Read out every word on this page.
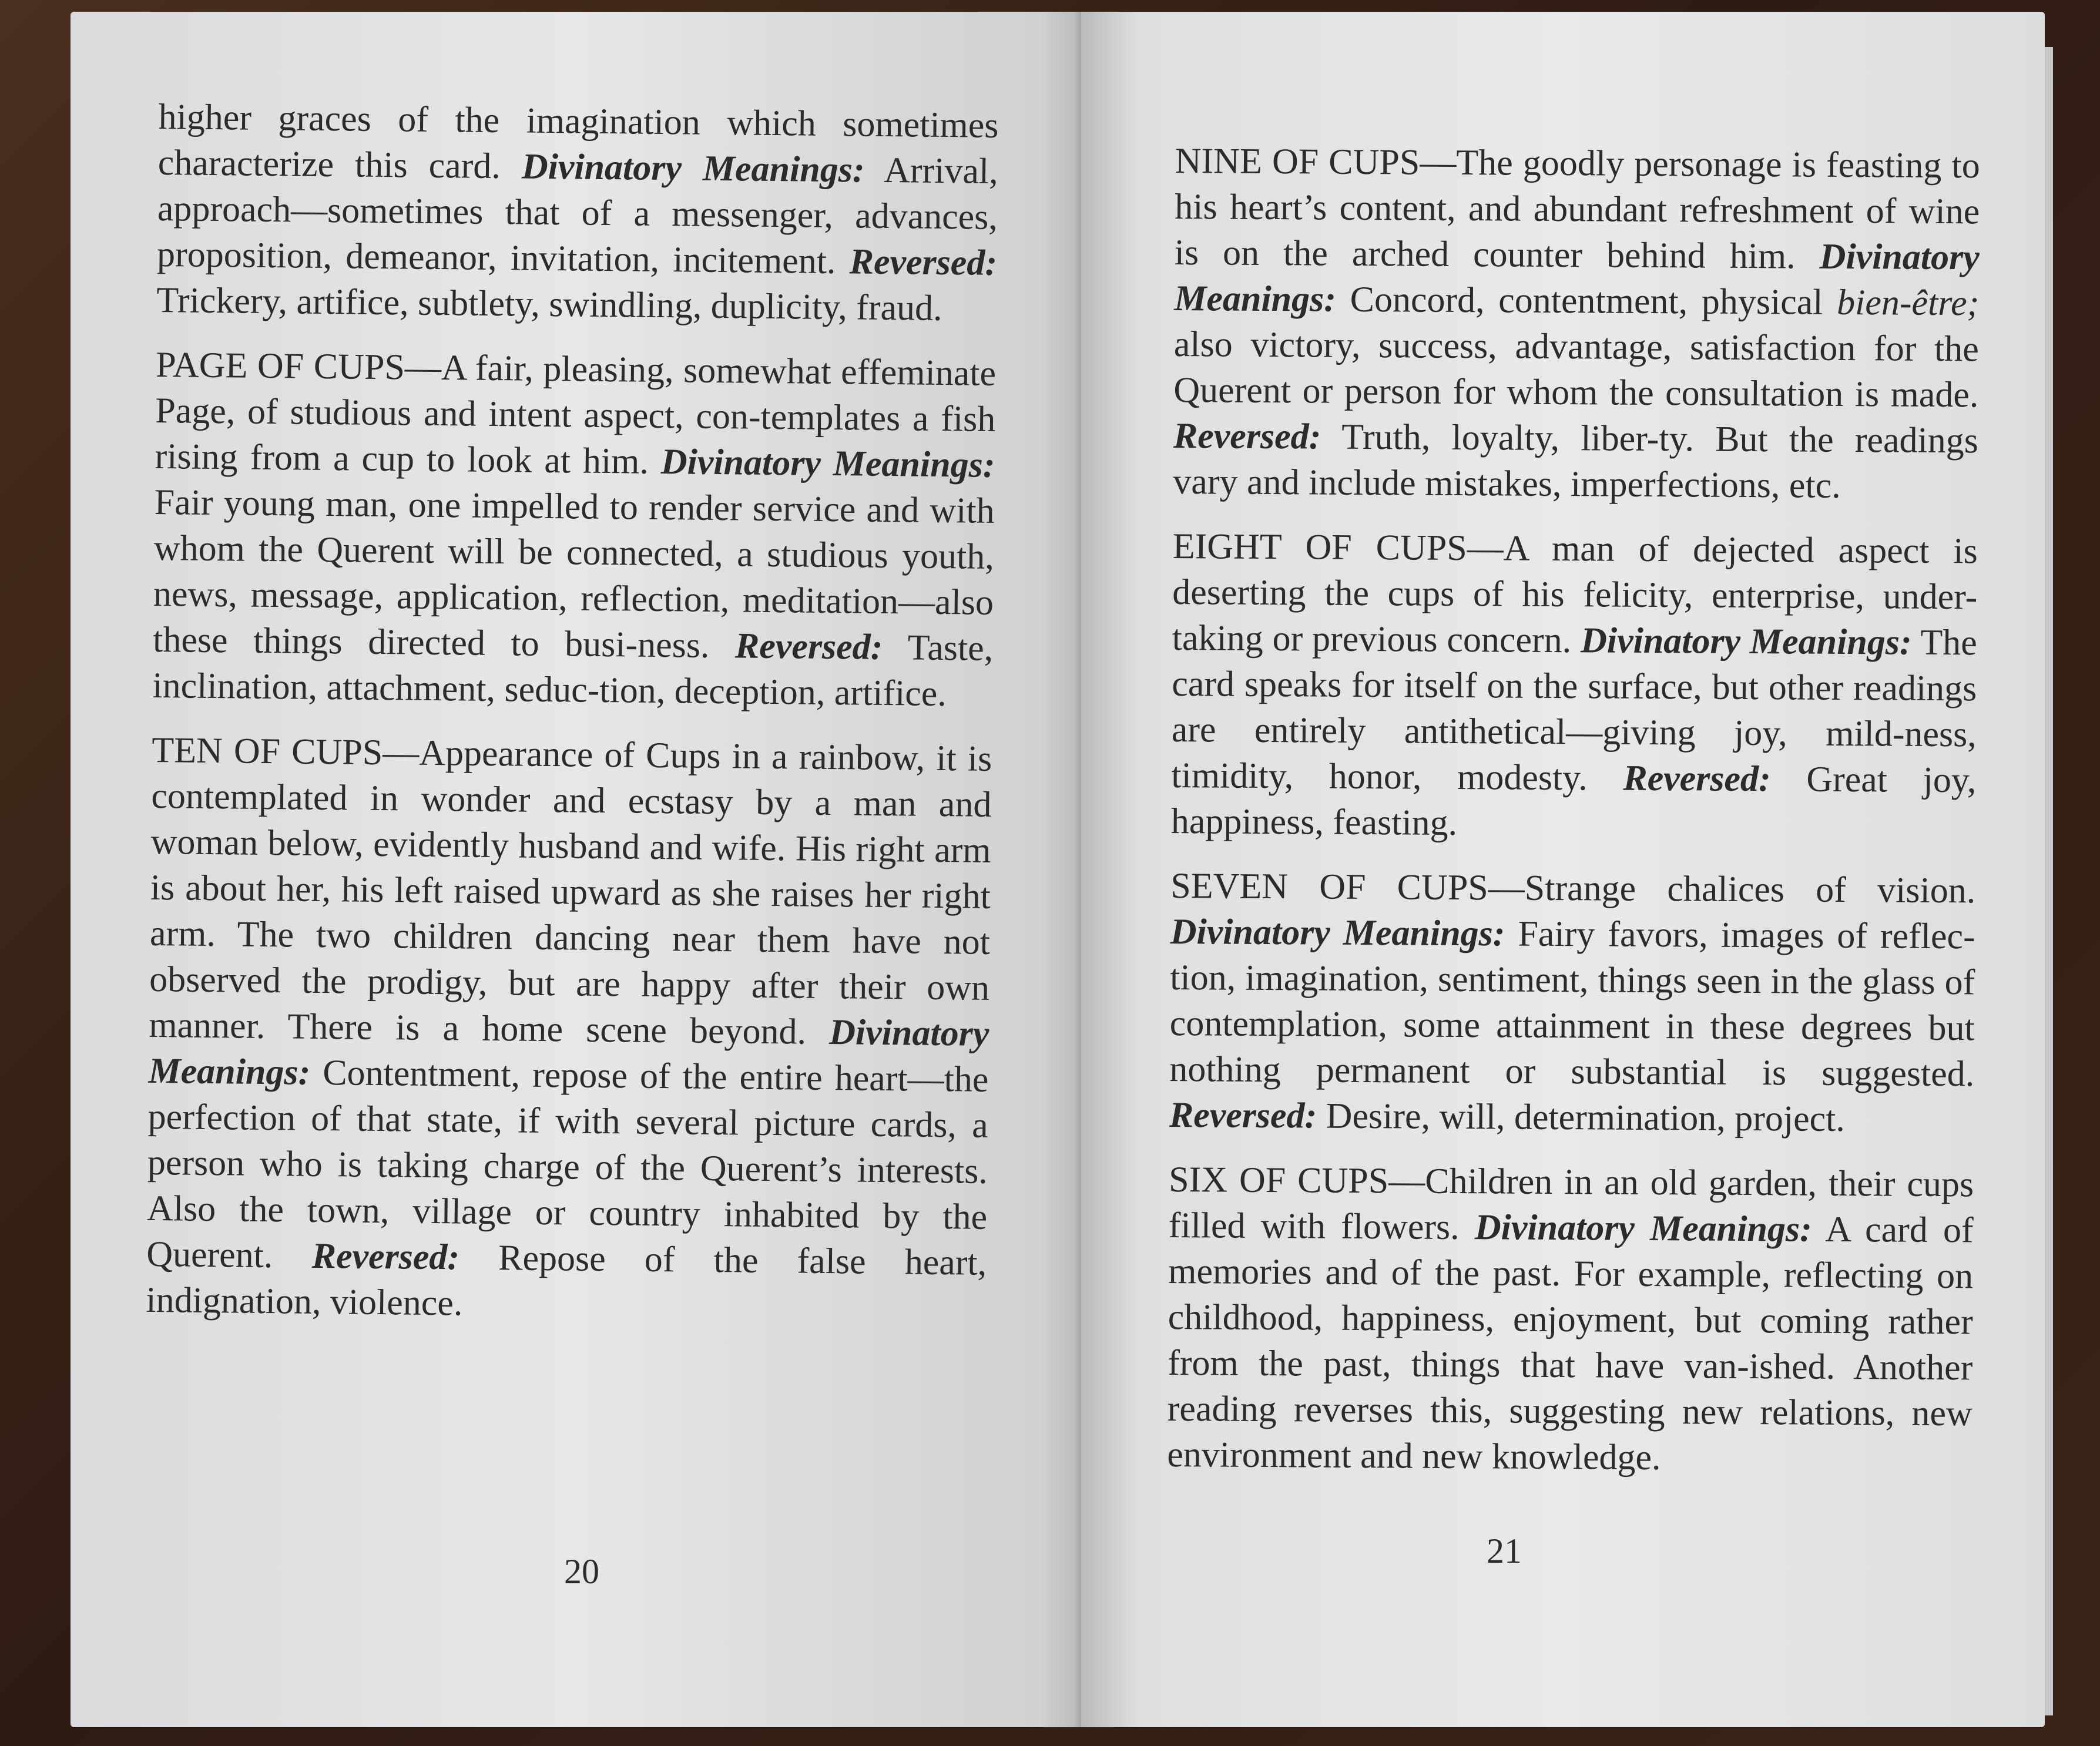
higher graces of the imagination which sometimes characterize this card. Divinatory Meanings: Arrival, approach—sometimes that of a messenger, advances, proposition, demeanor, invitation, incitement. Reversed: Trickery, artifice, subtlety, swindling, duplicity, fraud.

PAGE OF CUPS—A fair, pleasing, somewhat effeminate Page, of studious and intent aspect, con-templates a fish rising from a cup to look at him. Divinatory Meanings: Fair young man, one impelled to render service and with whom the Querent will be connected, a studious youth, news, message, application, reflection, meditation—also these things directed to busi-ness. Reversed: Taste, inclination, attachment, seduc-tion, deception, artifice.

TEN OF CUPS—Appearance of Cups in a rainbow, it is contemplated in wonder and ecstasy by a man and woman below, evidently husband and wife. His right arm is about her, his left raised upward as she raises her right arm. The two children dancing near them have not observed the prodigy, but are happy after their own manner. There is a home scene beyond. Divinatory Meanings: Contentment, repose of the entire heart—the perfection of that state, if with several picture cards, a person who is taking charge of the Querent’s interests. Also the town, village or country inhabited by the Querent. Reversed: Repose of the false heart, indignation, violence.

20

NINE OF CUPS—The goodly personage is feasting to his heart’s content, and abundant refreshment of wine is on the arched counter behind him. Divinatory Meanings: Concord, contentment, physical bien-être; also victory, success, advantage, satisfaction for the Querent or person for whom the consultation is made. Reversed: Truth, loyalty, liber-ty. But the readings vary and include mistakes, imperfections, etc.

EIGHT OF CUPS—A man of dejected aspect is deserting the cups of his felicity, enterprise, under-taking or previous concern. Divinatory Meanings: The card speaks for itself on the surface, but other readings are entirely antithetical—giving joy, mild-ness, timidity, honor, modesty. Reversed: Great joy, happiness, feasting.

SEVEN OF CUPS—Strange chalices of vision. Divinatory Meanings: Fairy favors, images of reflec-tion, imagination, sentiment, things seen in the glass of contemplation, some attainment in these degrees but nothing permanent or substantial is suggested. Reversed: Desire, will, determination, project.

SIX OF CUPS—Children in an old garden, their cups filled with flowers. Divinatory Meanings: A card of memories and of the past. For example, reflecting on childhood, happiness, enjoyment, but coming rather from the past, things that have van-ished. Another reading reverses this, suggesting new relations, new environment and new knowledge.

21
